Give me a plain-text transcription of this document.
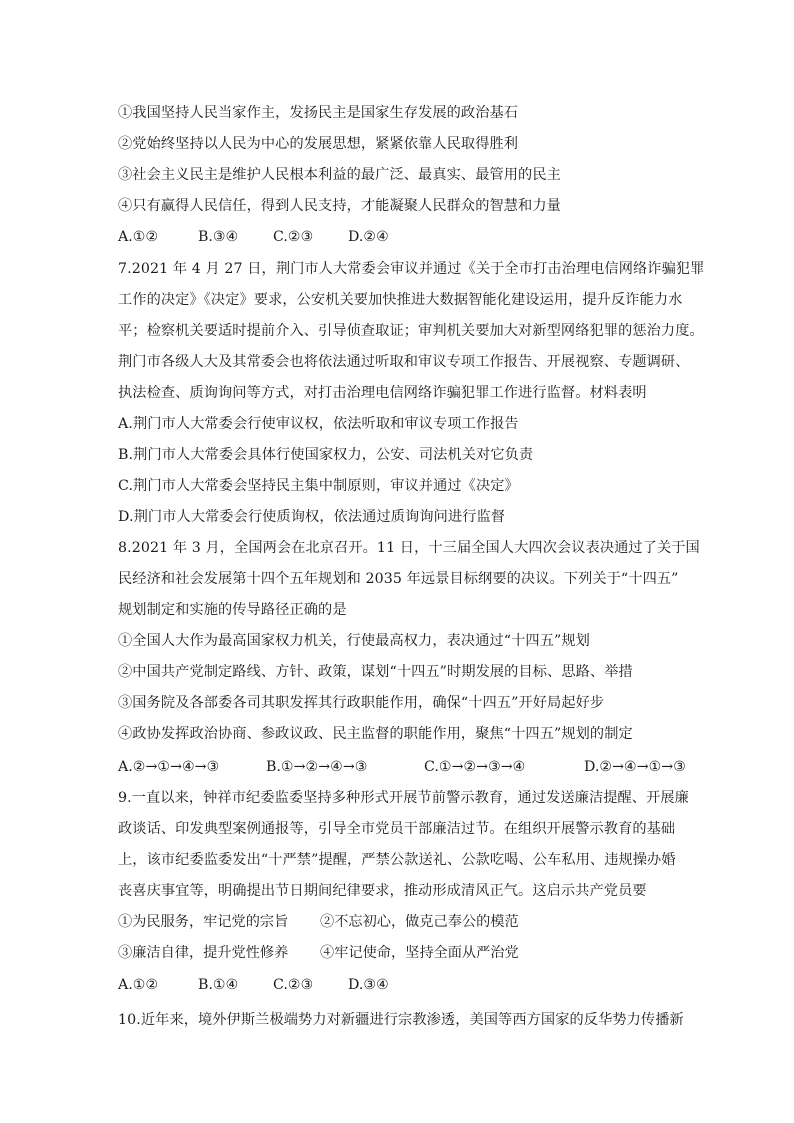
①我国坚持人民当家作主，发扬民主是国家生存发展的政治基石
②党始终坚持以人民为中心的发展思想，紧紧依靠人民取得胜利
③社会主义民主是维护人民根本利益的最广泛、最真实、最管用的民主
④只有赢得人民信任，得到人民支持，才能凝聚人民群众的智慧和力量
A.①②	B.③④ C.②③ D.②④
7.2021 年 4 月 27 日，荆门市人大常委会审议并通过《关于全市打击治理电信网络诈骗犯罪
工作的决定》《决定》要求，公安机关要加快推进大数据智能化建设运用，提升反诈能力水
平；检察机关要适时提前介入、引导侦查取证；审判机关要加大对新型网络犯罪的惩治力度。
荆门市各级人大及其常委会也将依法通过听取和审议专项工作报告、开展视察、专题调研、
执法检查、质询询问等方式，对打击治理电信网络诈骗犯罪工作进行监督。材料表明
A.荆门市人大常委会行使审议权，依法听取和审议专项工作报告
B.荆门市人大常委会具体行使国家权力，公安、司法机关对它负责
C.荆门市人大常委会坚持民主集中制原则，审议并通过《决定》
D.荆门市人大常委会行使质询权，依法通过质询询问进行监督
8.2021 年 3 月，全国两会在北京召开。11 日，十三届全国人大四次会议表决通过了关于国
民经济和社会发展第十四个五年规划和 2035 年远景目标纲要的决议。下列关于“十四五”
规划制定和实施的传导路径正确的是
①全国人大作为最高国家权力机关，行使最高权力，表决通过“十四五”规划
②中国共产党制定路线、方针、政策，谋划“十四五”时期发展的目标、思路、举措
③国务院及各部委各司其职发挥其行政职能作用，确保“十四五”开好局起好步
④政协发挥政治协商、参政议政、民主监督的职能作用，聚焦“十四五”规划的制定
A.②→①→④→③	B.①→②→④→③	C.①→②→③→④	D.②→④→①→③
9.一直以来，钟祥市纪委监委坚持多种形式开展节前警示教育，通过发送廉洁提醒、开展廉
政谈话、印发典型案例通报等，引导全市党员干部廉洁过节。在组织开展警示教育的基础
上，该市纪委监委发出“十严禁”提醒，严禁公款送礼、公款吃喝、公车私用、违规操办婚
丧喜庆事宜等，明确提出节日期间纪律要求，推动形成清风正气。这启示共产党员要
①为民服务，牢记党的宗旨 ②不忘初心，做克己奉公的模范
③廉洁自律，提升党性修养 ④牢记使命，坚持全面从严治党
A.①②	B.①④ C.②③ D.③④
10.近年来，境外伊斯兰极端势力对新疆进行宗教渗透，美国等西方国家的反华势力传播新
